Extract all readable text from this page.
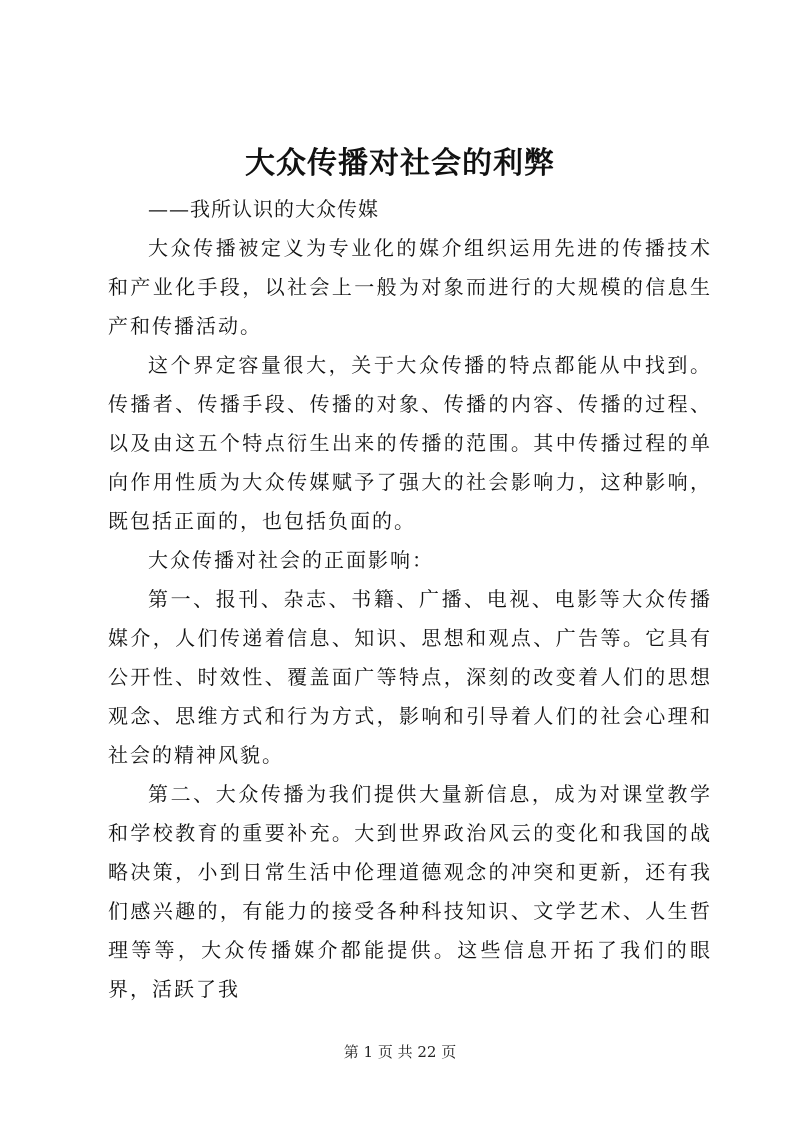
大众传播对社会的利弊

——我所认识的大众传媒

大众传播被定义为专业化的媒介组织运用先进的传播技术和产业化手段，以社会上一般为对象而进行的大规模的信息生产和传播活动。

这个界定容量很大，关于大众传播的特点都能从中找到。传播者、传播手段、传播的对象、传播的内容、传播的过程、以及由这五个特点衍生出来的传播的范围。其中传播过程的单向作用性质为大众传媒赋予了强大的社会影响力，这种影响，既包括正面的，也包括负面的。

大众传播对社会的正面影响：

第一、报刊、杂志、书籍、广播、电视、电影等大众传播媒介，人们传递着信息、知识、思想和观点、广告等。它具有公开性、时效性、覆盖面广等特点，深刻的改变着人们的思想观念、思维方式和行为方式，影响和引导着人们的社会心理和社会的精神风貌。

第二、大众传播为我们提供大量新信息，成为对课堂教学和学校教育的重要补充。大到世界政治风云的变化和我国的战略决策，小到日常生活中伦理道德观念的冲突和更新，还有我们感兴趣的，有能力的接受各种科技知识、文学艺术、人生哲理等等，大众传播媒介都能提供。这些信息开拓了我们的眼界，活跃了我

第 1 页 共 22 页
